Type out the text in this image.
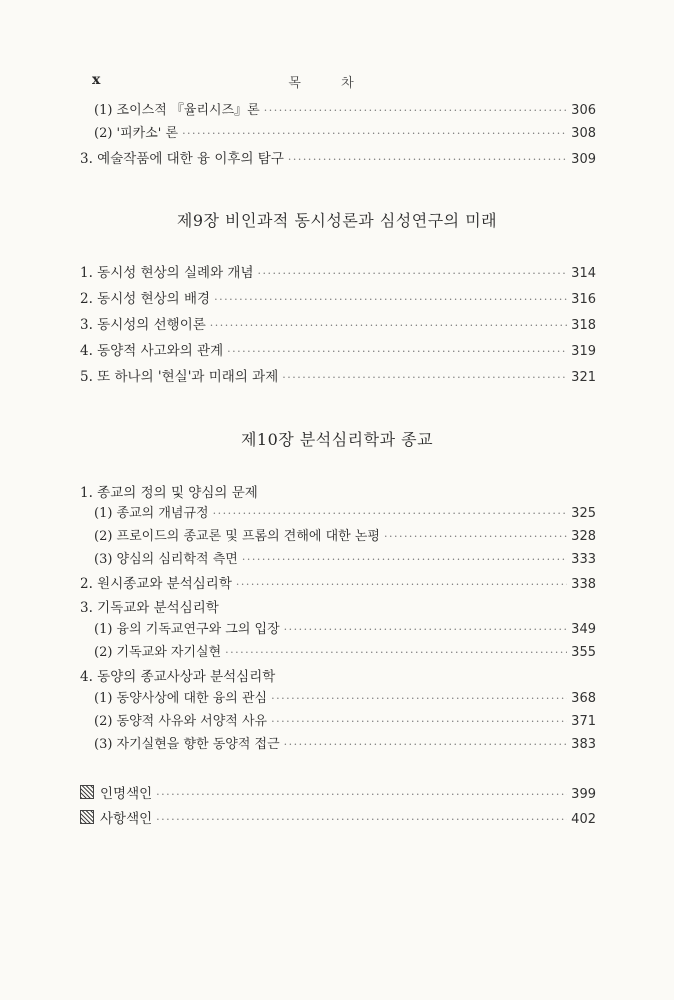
x	목 차
(1) 조이스적 『율리시즈』론 ·····	306
(2) '피카소' 론 ·····	308
3. 예술작품에 대한 융 이후의 탐구 ·····	309
제9장 비인과적 동시성론과 심성연구의 미래
1. 동시성 현상의 실례와 개념 ·····	314
2. 동시성 현상의 배경 ·····	316
3. 동시성의 선행이론 ·····	318
4. 동양적 사고와의 관계 ·····	319
5. 또 하나의 '현실'과 미래의 과제 ·····	321
제10장 분석심리학과 종교
1. 종교의 정의 및 양심의 문제
(1) 종교의 개념규정 ·····	325
(2) 프로이드의 종교론 및 프롬의 견해에 대한 논평 ·····	328
(3) 양심의 심리학적 측면 ·····	333
2. 원시종교와 분석심리학 ·····	338
3. 기독교와 분석심리학
(1) 융의 기독교연구와 그의 입장 ·····	349
(2) 기독교와 자기실현 ·····	355
4. 동양의 종교사상과 분석심리학
(1) 동양사상에 대한 융의 관심 ·····	368
(2) 동양적 사유와 서양적 사유 ·····	371
(3) 자기실현을 향한 동양적 접근 ·····	383
인명색인 ·····	399
사항색인 ·····	402
